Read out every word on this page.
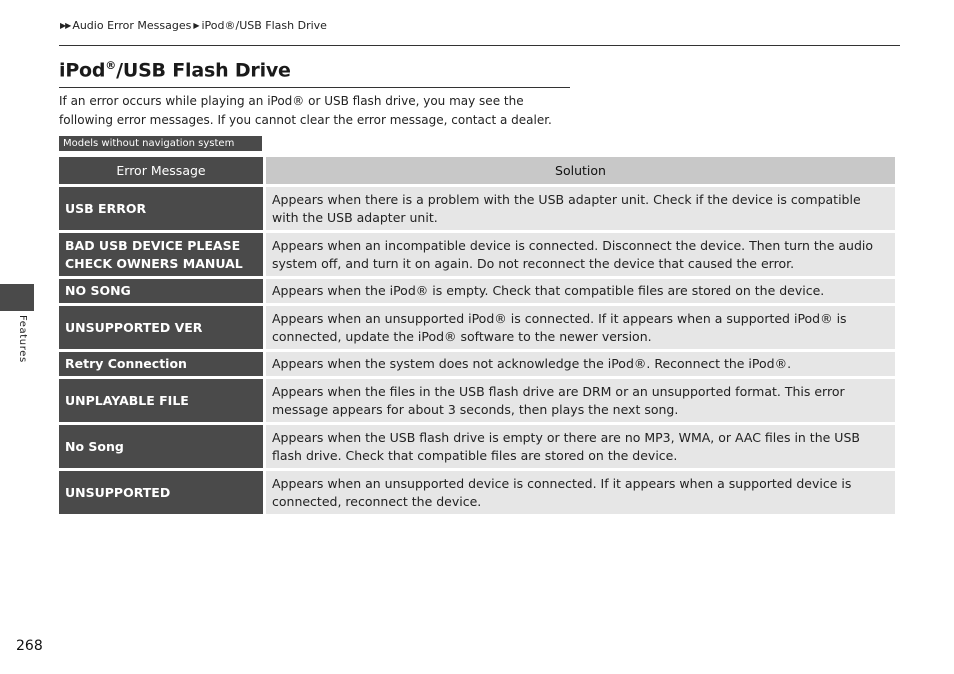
▶▶ Audio Error Messages ▶ iPod®/USB Flash Drive
iPod®/USB Flash Drive

If an error occurs while playing an iPod® or USB flash drive, you may see the following error messages. If you cannot clear the error message, contact a dealer.

Models without navigation system
Error Message	Solution
USB ERROR	Appears when there is a problem with the USB adapter unit. Check if the device is compatible with the USB adapter unit.
BAD USB DEVICE PLEASE CHECK OWNERS MANUAL	Appears when an incompatible device is connected. Disconnect the device. Then turn the audio system off, and turn it on again. Do not reconnect the device that caused the error.
NO SONG	Appears when the iPod® is empty. Check that compatible files are stored on the device.
UNSUPPORTED VER	Appears when an unsupported iPod® is connected. If it appears when a supported iPod® is connected, update the iPod® software to the newer version.
Retry Connection	Appears when the system does not acknowledge the iPod®. Reconnect the iPod®.
UNPLAYABLE FILE	Appears when the files in the USB flash drive are DRM or an unsupported format. This error message appears for about 3 seconds, then plays the next song.
No Song	Appears when the USB flash drive is empty or there are no MP3, WMA, or AAC files in the USB flash drive. Check that compatible files are stored on the device.
UNSUPPORTED	Appears when an unsupported device is connected. If it appears when a supported device is connected, reconnect the device.
Features
268
